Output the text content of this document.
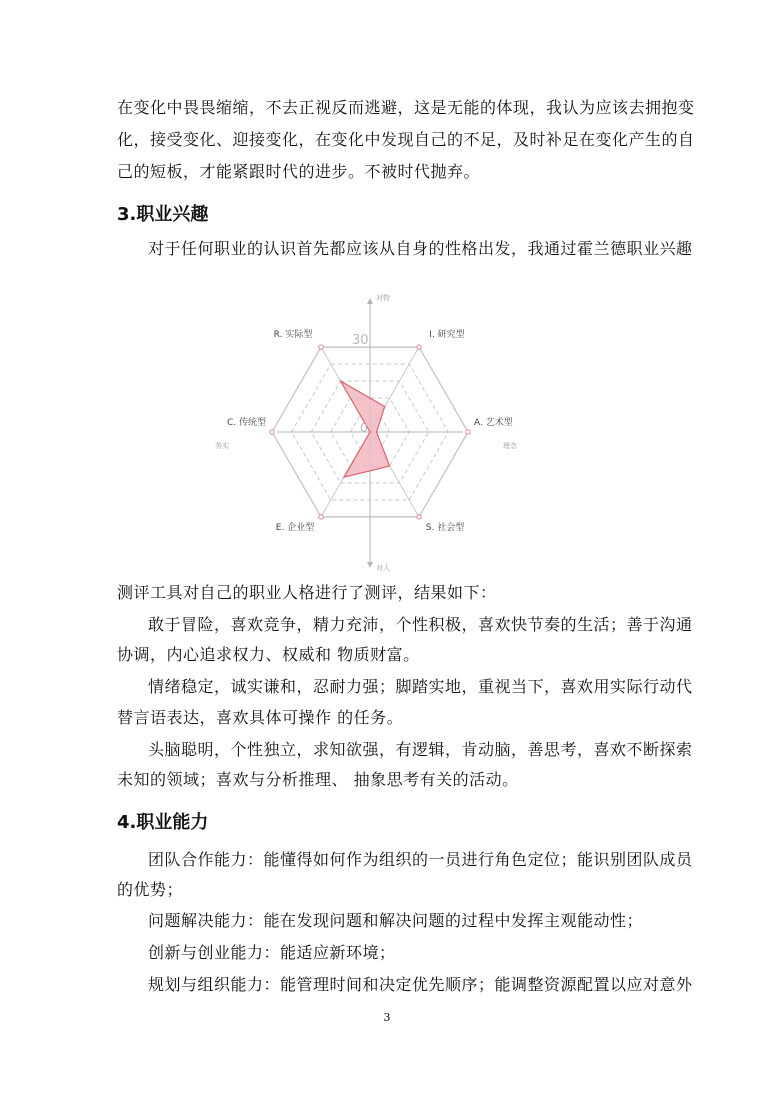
在变化中畏畏缩缩，不去正视反而逃避，这是无能的体现，我认为应该去拥抱变

化，接受变化、迎接变化，在变化中发现自己的不足，及时补足在变化产生的自

己的短板，才能紧跟时代的进步。不被时代抛弃。

3.职业兴趣

对于任何职业的认识首先都应该从自身的性格出发，我通过霍兰德职业兴趣

对物
对人
务实	理念
30
0
R. 实际型	I. 研究型
A. 艺术型
S. 社会型
E. 企业型
C. 传统型

测评工具对自己的职业人格进行了测评，结果如下：

敢于冒险，喜欢竞争，精力充沛，个性积极，喜欢快节奏的生活；善于沟通

协调，内心追求权力、权威和 物质财富。

情绪稳定，诚实谦和，忍耐力强；脚踏实地，重视当下，喜欢用实际行动代

替言语表达，喜欢具体可操作 的任务。

头脑聪明，个性独立，求知欲强，有逻辑，肯动脑，善思考，喜欢不断探索

未知的领域；喜欢与分析推理、 抽象思考有关的活动。

4.职业能力

团队合作能力：能懂得如何作为组织的一员进行角色定位；能识别团队成员

的优势；

问题解决能力：能在发现问题和解决问题的过程中发挥主观能动性；

创新与创业能力：能适应新环境；

规划与组织能力：能管理时间和决定优先顺序；能调整资源配置以应对意外

3
